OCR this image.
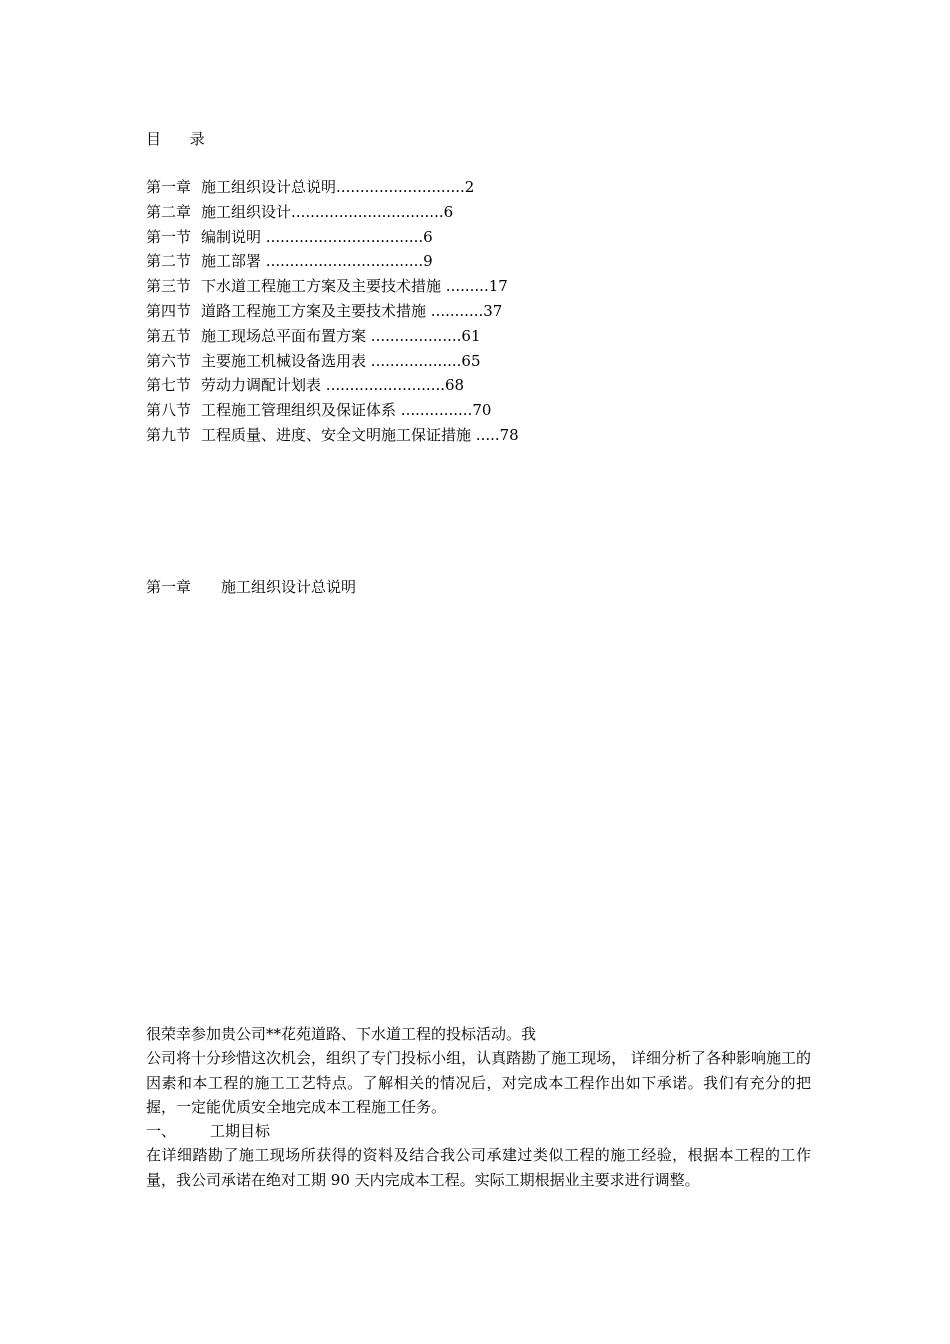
目 录
第一章 施工组织设计总说明...........................2
第二章 施工组织设计................................6
第一节 编制说明 .................................6
第二节 施工部署 .................................9
第三节 下水道工程施工方案及主要技术措施 .........17
第四节 道路工程施工方案及主要技术措施 ...........37
第五节 施工现场总平面布置方案 ...................61
第六节 主要施工机械设备选用表 ...................65
第七节 劳动力调配计划表 .........................68
第八节 工程施工管理组织及保证体系 ...............70
第九节 工程质量、进度、安全文明施工保证措施 .....78
第一章 施工组织设计总说明

很荣幸参加贵公司**花苑道路、下水道工程的投标活动。我

公司将十分珍惜这次机会，组织了专门投标小组，认真踏勘了施工现场， 详细分析了各种影响施工的因素和本工程的施工工艺特点。了解相关的情况后，对完成本工程作出如下承诺。我们有充分的把握，一定能优质安全地完成本工程施工任务。

一、 工期目标

在详细踏勘了施工现场所获得的资料及结合我公司承建过类似工程的施工经验，根据本工程的工作量，我公司承诺在绝对工期 90 天内完成本工程。实际工期根据业主要求进行调整。
